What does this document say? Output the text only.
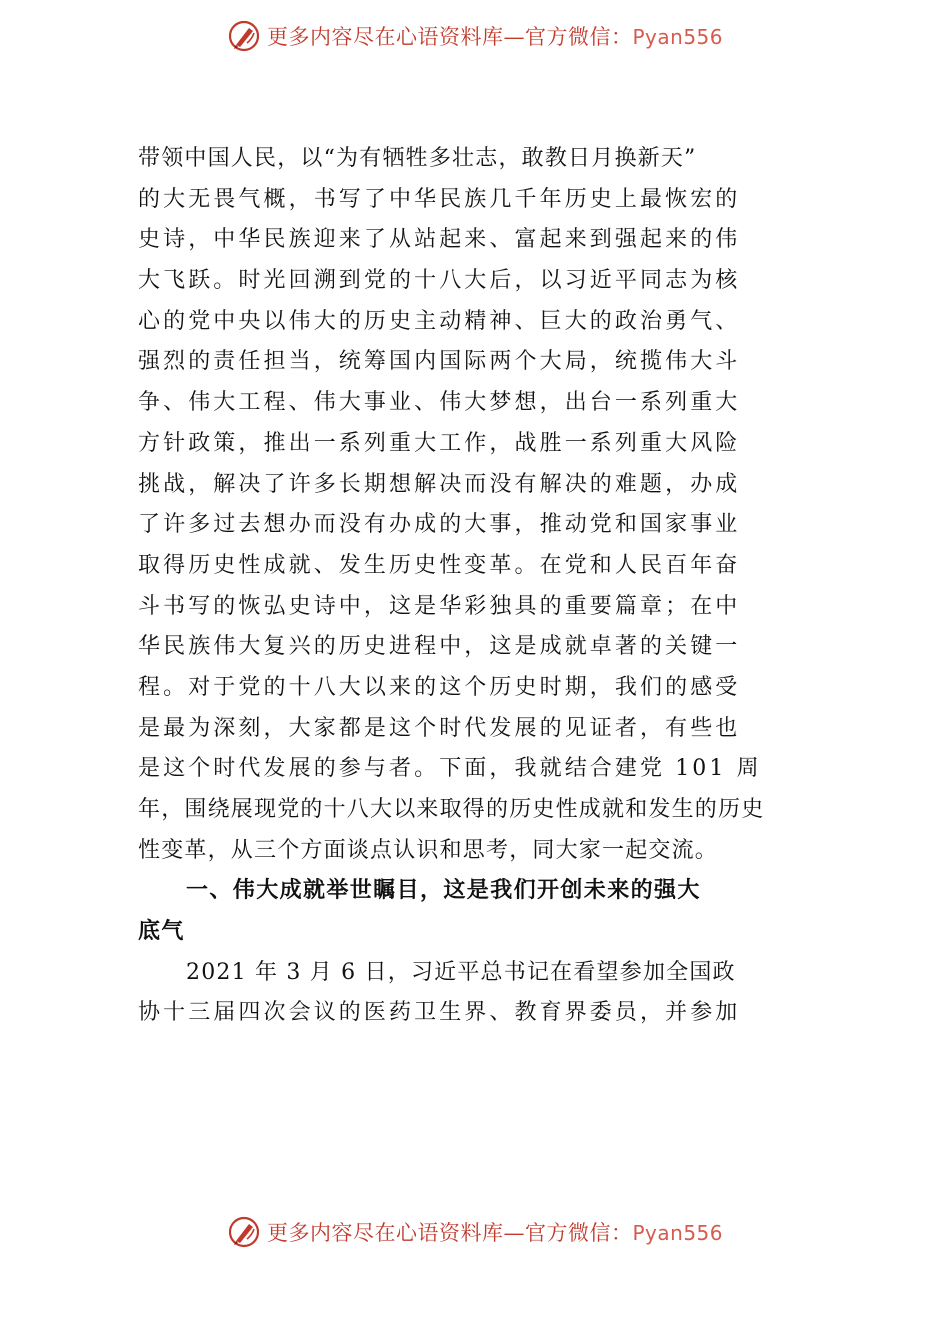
更多内容尽在心语资料库—官方微信：Pyan556
带领中国人民，以“为有牺牲多壮志，敢教日月换新天”
的大无畏气概，书写了中华民族几千年历史上最恢宏的
史诗，中华民族迎来了从站起来、富起来到强起来的伟
大飞跃。时光回溯到党的十八大后，以习近平同志为核
心的党中央以伟大的历史主动精神、巨大的政治勇气、
强烈的责任担当，统筹国内国际两个大局，统揽伟大斗
争、伟大工程、伟大事业、伟大梦想，出台一系列重大
方针政策，推出一系列重大工作，战胜一系列重大风险
挑战，解决了许多长期想解决而没有解决的难题，办成
了许多过去想办而没有办成的大事，推动党和国家事业
取得历史性成就、发生历史性变革。在党和人民百年奋
斗书写的恢弘史诗中，这是华彩独具的重要篇章；在中
华民族伟大复兴的历史进程中，这是成就卓著的关键一
程。对于党的十八大以来的这个历史时期，我们的感受
是最为深刻，大家都是这个时代发展的见证者，有些也
是这个时代发展的参与者。下面，我就结合建党 101 周
年，围绕展现党的十八大以来取得的历史性成就和发生的历史
性变革，从三个方面谈点认识和思考，同大家一起交流。
一、伟大成就举世瞩目，这是我们开创未来的强大
底气
2021 年 3 月 6 日，习近平总书记在看望参加全国政
协十三届四次会议的医药卫生界、教育界委员，并参加
更多内容尽在心语资料库—官方微信：Pyan556
